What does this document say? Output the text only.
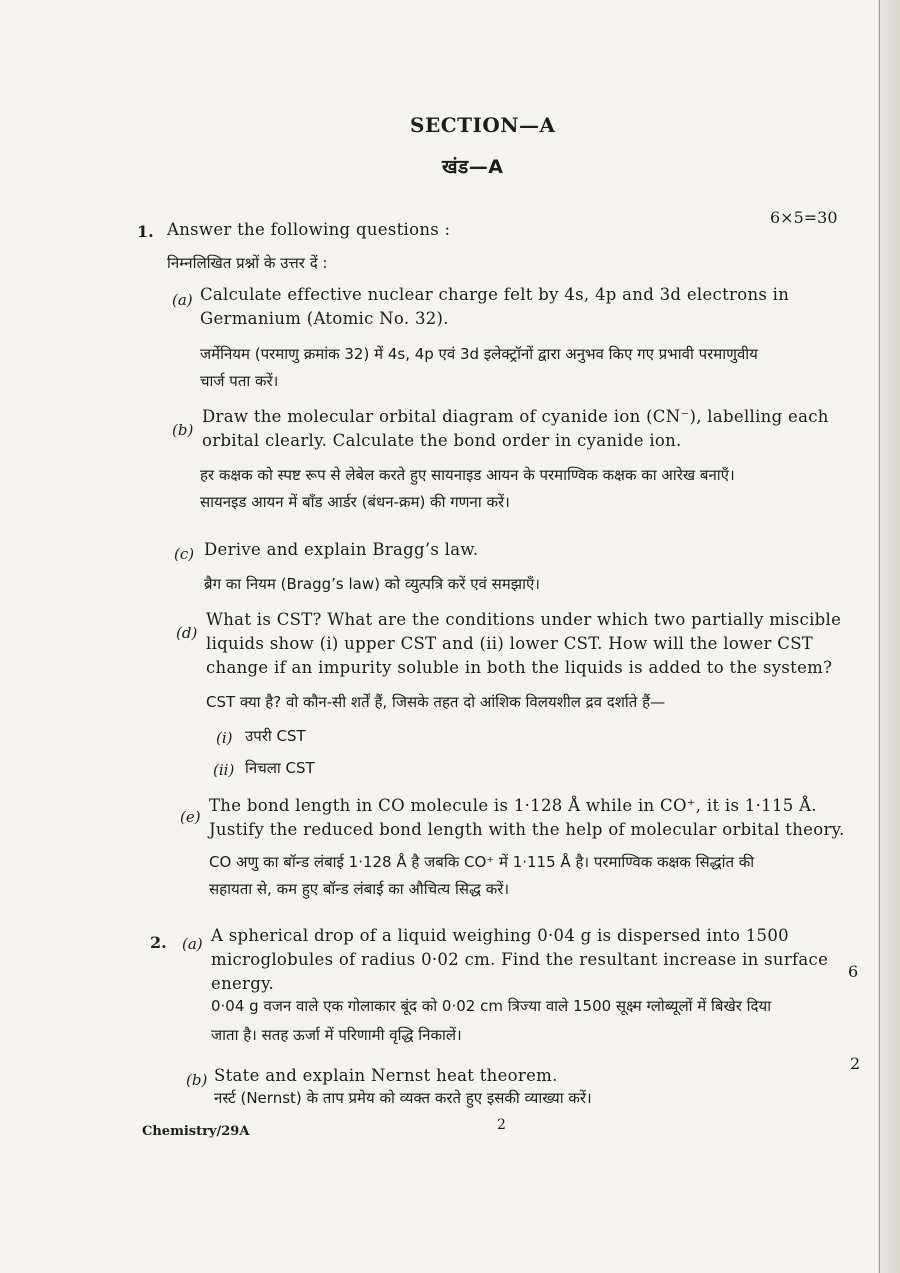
SECTION—A
खंड—A
1. Answer the following questions :
6×5=30
निम्नलिखित प्रश्नों के उत्तर दें :
(a) Calculate effective nuclear charge felt by 4s, 4p and 3d electrons in
Germanium (Atomic No. 32).
जर्मेनियम (परमाणु क्रमांक 32) में 4s, 4p एवं 3d इलेक्ट्रॉनों द्वारा अनुभव किए गए प्रभावी परमाणुवीय
चार्ज पता करें।
(b)
Draw the molecular orbital diagram of cyanide ion (CN⁻), labelling each
orbital clearly. Calculate the bond order in cyanide ion.
हर कक्षक को स्पष्ट रूप से लेबेल करते हुए सायनाइड आयन के परमाण्विक कक्षक का आरेख बनाएँ।
सायनइड आयन में बॉंड आर्डर (बंधन-क्रम) की गणना करें।
(c) Derive and explain Bragg’s law.
ब्रैग का नियम (Bragg’s law) को व्युत्पत्रि करें एवं समझाएँ।
(d)
What is CST? What are the conditions under which two partially miscible
liquids show (i) upper CST and (ii) lower CST. How will the lower CST
change if an impurity soluble in both the liquids is added to the system?
CST क्या है? वो कौन-सी शर्तें हैं, जिसके तहत दो आंशिक विलयशील द्रव दर्शाते हैं—
(i) उपरी CST
(ii) निचला CST
(e)
The bond length in CO molecule is 1·128 Å while in CO⁺, it is 1·115 Å.
Justify the reduced bond length with the help of molecular orbital theory.
CO अणु का बॉन्ड लंबाई 1·128 Å है जबकि CO⁺ में 1·115 Å है। परमाण्विक कक्षक सिद्धांत की
सहायता से, कम हुए बॉन्ड लंबाई का औचित्य सिद्ध करें।
2. (a) A spherical drop of a liquid weighing 0·04 g is dispersed into 1500
microglobules of radius 0·02 cm. Find the resultant increase in surface
energy.
6
0·04 g वजन वाले एक गोलाकार बूंद को 0·02 cm त्रिज्या वाले 1500 सूक्ष्म ग्लोब्यूलों में बिखेर दिया
जाता है। सतह ऊर्जा में परिणामी वृद्धि निकालें।
(b) State and explain Nernst heat theorem.
2
नर्स्ट (Nernst) के ताप प्रमेय को व्यक्त करते हुए इसकी व्याख्या करें।
Chemistry/29A	2
